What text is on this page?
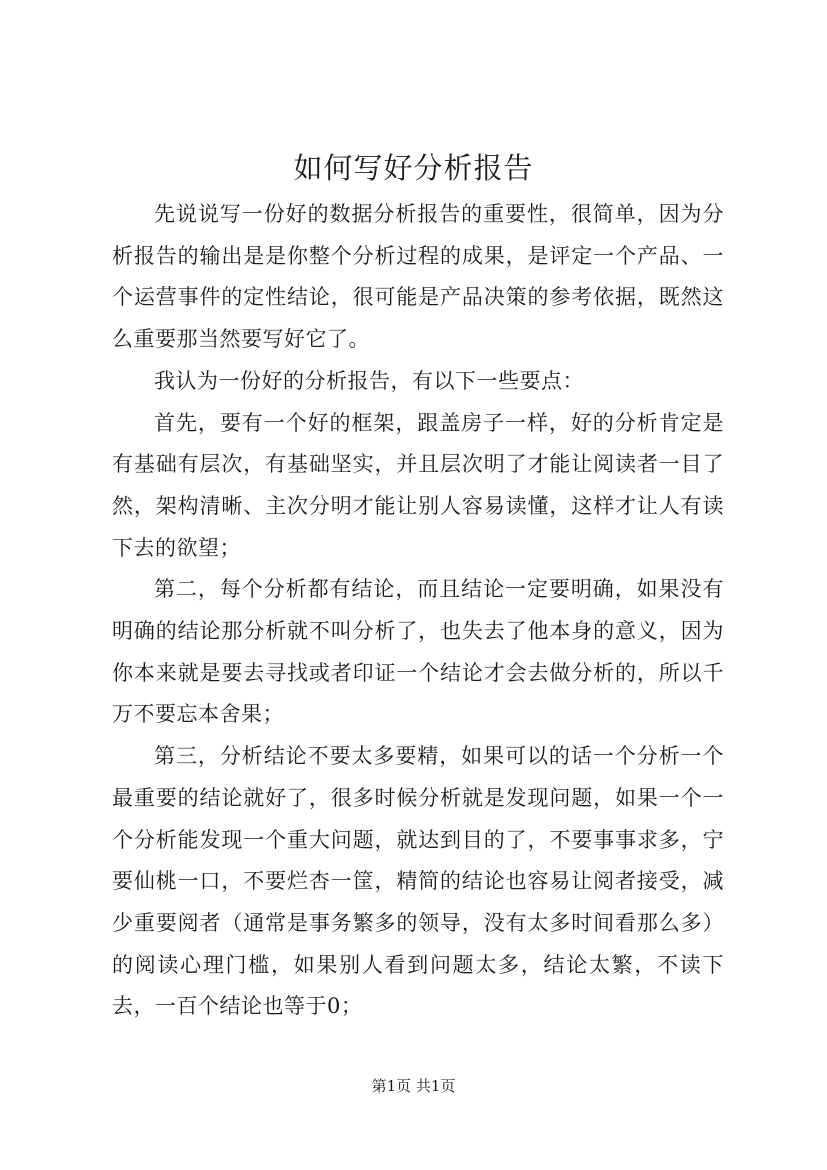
如何写好分析报告

先说说写一份好的数据分析报告的重要性，很简单，因为分析报告的输出是是你整个分析过程的成果，是评定一个产品、一个运营事件的定性结论，很可能是产品决策的参考依据，既然这么重要那当然要写好它了。

我认为一份好的分析报告，有以下一些要点：

首先，要有一个好的框架，跟盖房子一样，好的分析肯定是有基础有层次，有基础坚实，并且层次明了才能让阅读者一目了然，架构清晰、主次分明才能让别人容易读懂，这样才让人有读下去的欲望；

第二，每个分析都有结论，而且结论一定要明确，如果没有明确的结论那分析就不叫分析了，也失去了他本身的意义，因为你本来就是要去寻找或者印证一个结论才会去做分析的，所以千万不要忘本舍果；

第三，分析结论不要太多要精，如果可以的话一个分析一个最重要的结论就好了，很多时候分析就是发现问题，如果一个一个分析能发现一个重大问题，就达到目的了，不要事事求多，宁要仙桃一口，不要烂杏一筐，精简的结论也容易让阅者接受，减少重要阅者（通常是事务繁多的领导，没有太多时间看那么多）的阅读心理门槛，如果别人看到问题太多，结论太繁，不读下去，一百个结论也等于0；

第1页 共1页
